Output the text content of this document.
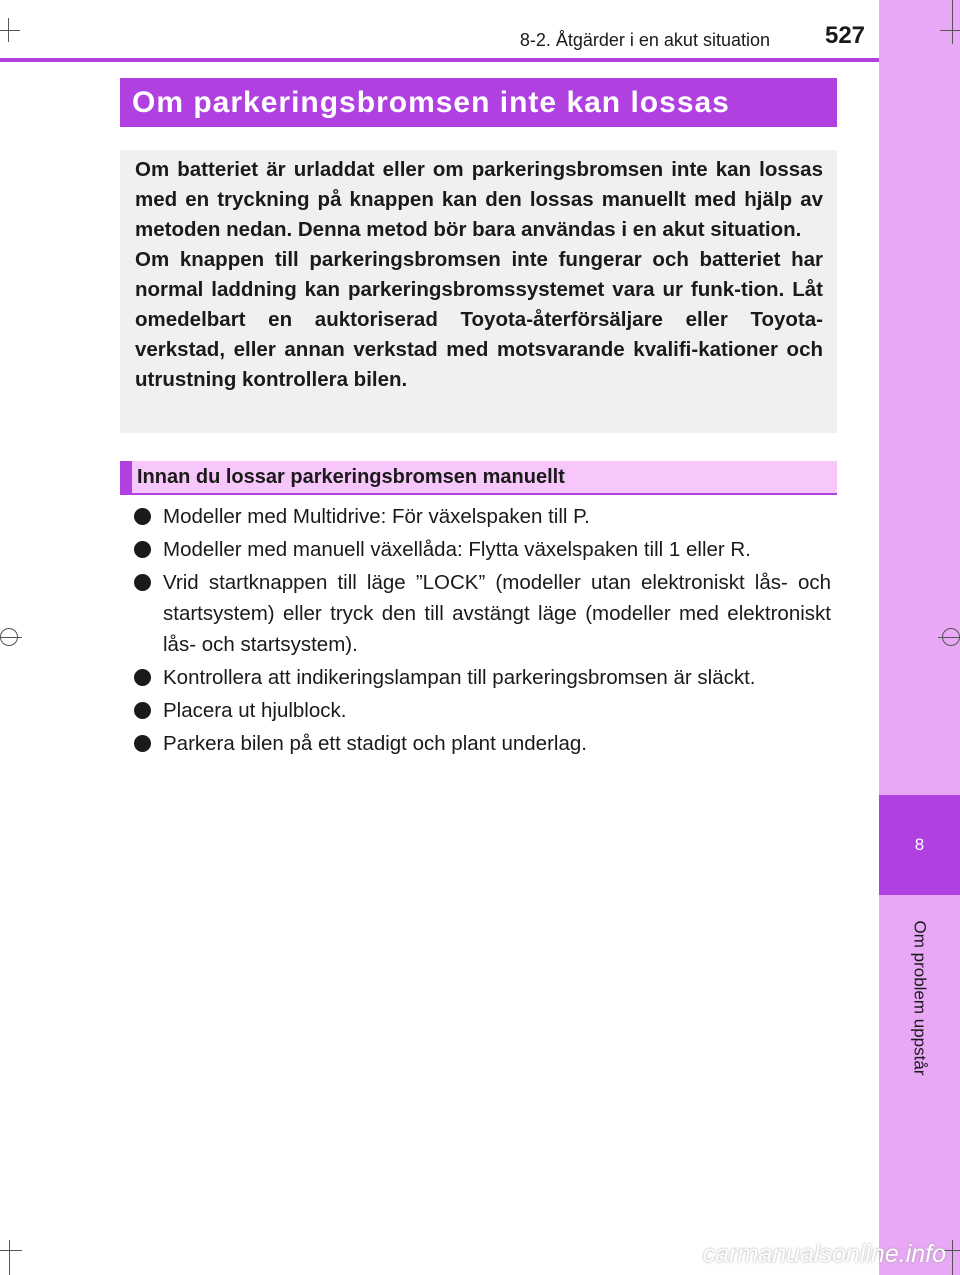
8
Om problem uppstår
8-2. Åtgärder i en akut situation	527
Om parkeringsbromsen inte kan lossas

Om batteriet är urladdat eller om parkeringsbromsen inte kan lossas med en tryckning på knappen kan den lossas manuellt med hjälp av metoden nedan. Denna metod bör bara användas i en akut situation.

Om knappen till parkeringsbromsen inte fungerar och batteriet har normal laddning kan parkeringsbromssystemet vara ur funk-tion. Låt omedelbart en auktoriserad Toyota-återförsäljare eller Toyota-verkstad, eller annan verkstad med motsvarande kvalifi-kationer och utrustning kontrollera bilen.

Innan du lossar parkeringsbromsen manuellt
Modeller med Multidrive: För växelspaken till P.
Modeller med manuell växellåda: Flytta växelspaken till 1 eller R.
Vrid startknappen till läge ”LOCK” (modeller utan elektroniskt lås- och startsystem) eller tryck den till avstängt läge (modeller med elektroniskt lås- och startsystem).
Kontrollera att indikeringslampan till parkeringsbromsen är släckt.
Placera ut hjulblock.
Parkera bilen på ett stadigt och plant underlag.
carmanualsonline.info
